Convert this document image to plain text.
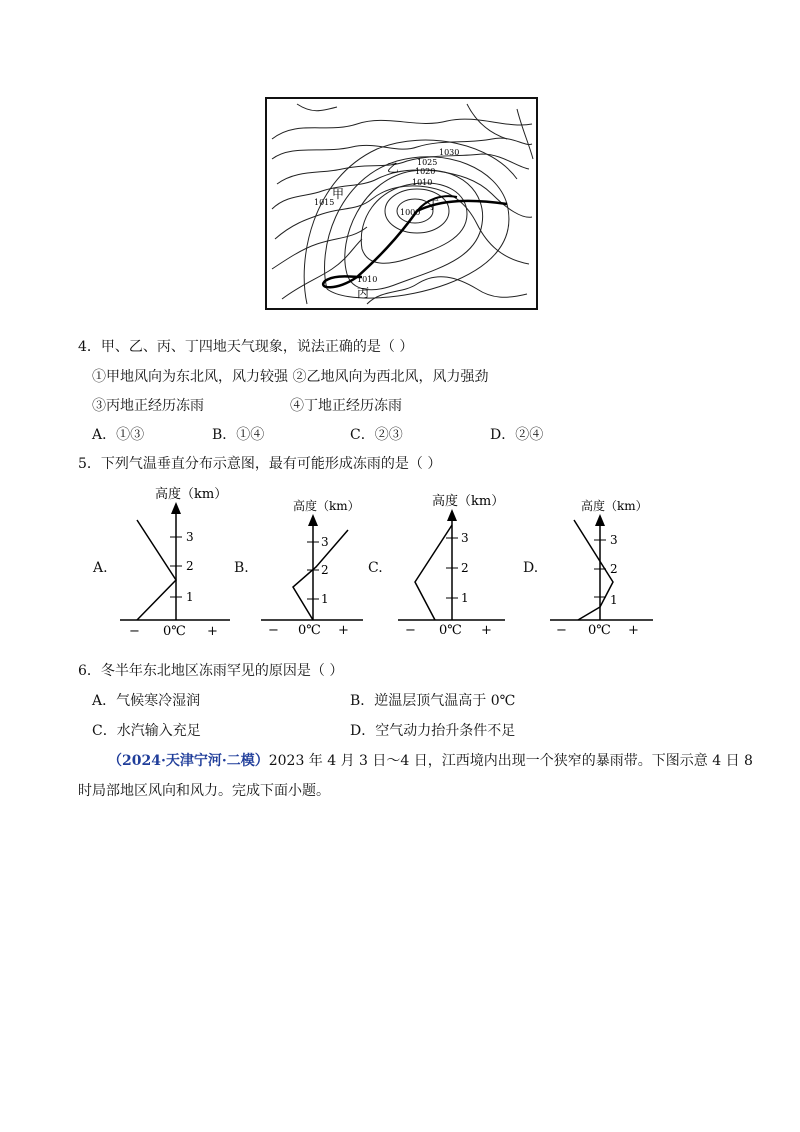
1030
1025
1020
1010
1000
1015
1010
甲
乙
丙
丁
4．甲、乙、丙、丁四地天气现象，说法正确的是（ ）
①甲地风向为东北风，风力较强 ②乙地风向为西北风，风力强劲
③丙地正经历冻雨	④丁地正经历冻雨
A．①③	B．①④	C．②③	D．②④
5．下列气温垂直分布示意图，最有可能形成冻雨的是（ ）
A.
高度（km）
1
2
3
− 0℃ +
B.
高度（km）
1
2
3
− 0℃ +
C.
高度（km）
1
2
3
− 0℃ +
D.
高度（km）
1
2
3
− 0℃ +
6．冬半年东北地区冻雨罕见的原因是（ ）
A．气候寒冷湿润	B．逆温层顶气温高于 0℃
C．水汽输入充足	D．空气动力抬升条件不足
（2024·天津宁河·二模）2023 年 4 月 3 日～4 日，江西境内出现一个狭窄的暴雨带。下图示意 4 日 8
时局部地区风向和风力。完成下面小题。
